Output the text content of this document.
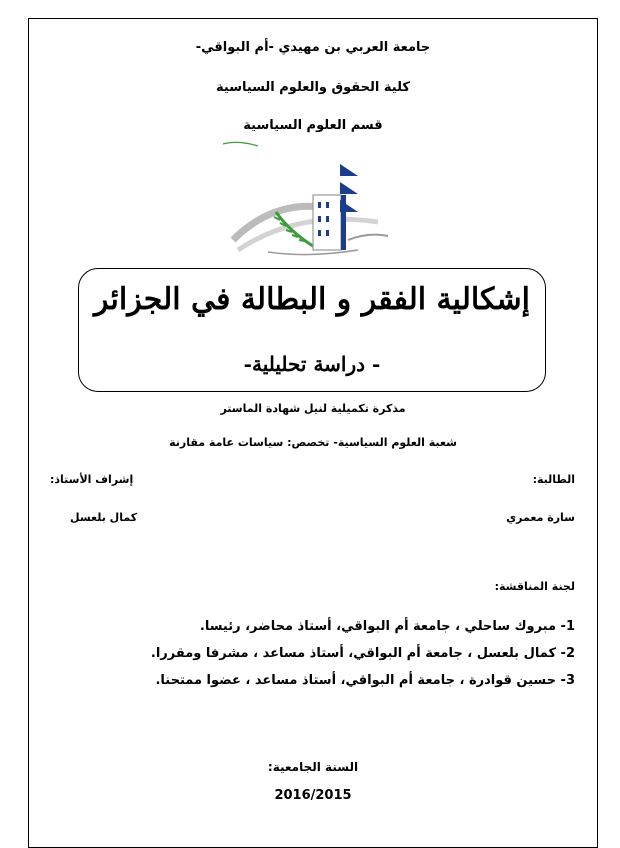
جامعة العربي بن مهيدي -أم البواقي-
كلية الحقوق والعلوم السياسية
قسم العلوم السياسية
إشكالية الفقر و البطالة في الجزائر
- دراسة تحليلية-
مذكرة تكميلية لنيل شهادة الماستر
شعبة العلوم السياسية- تخصص: سياسات عامة مقارنة
الطالبة:
إشراف الأستاذ:
سارة معمري
كمال بلعسل
لجنة المناقشة:

1- مبروك ساحلي ، جامعة أم البواقي، أستاذ محاضر، رئيسا.

2- كمال بلعسل ، جامعة أم البواقي، أستاذ مساعد ، مشرفا ومقررا.

3- حسين قوادرة ، جامعة أم البواقي، أستاذ مساعد ، عضوا ممتحنا.

السنة الجامعية:
2016/2015
